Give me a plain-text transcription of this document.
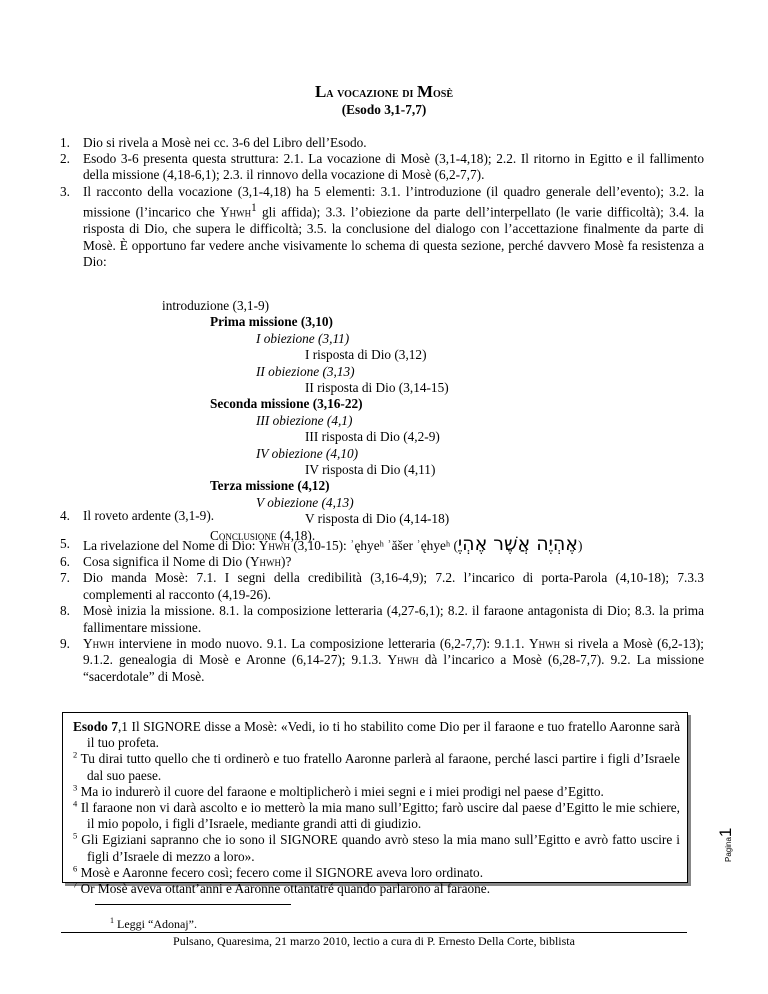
La vocazione di Mosè
(Esodo 3,1-7,7)
1. Dio si rivela a Mosè nei cc. 3-6 del Libro dell’Esodo.
2. Esodo 3-6 presenta questa struttura: 2.1. La vocazione di Mosè (3,1-4,18); 2.2. Il ritorno in Egitto e il fallimento della missione (4,18-6,1); 2.3. il rinnovo della vocazione di Mosè (6,2-7,7).
3. Il racconto della vocazione (3,1-4,18) ha 5 elementi: 3.1. l’introduzione (il quadro generale dell’evento); 3.2. la missione (l’incarico che Yhwh$^1$ gli affida); 3.3. l’obiezione da parte dell’interpellato (le varie difficoltà); 3.4. la risposta di Dio, che supera le difficoltà; 3.5. la conclusione del dialogo con l’accettazione finalmente da parte di Mosè. È opportuno far vedere anche visivamente lo schema di questa sezione, perché davvero Mosè fa resistenza a Dio:
introduzione (3,1-9)
Prima missione (3,10)
I obiezione (3,11)
I risposta di Dio (3,12)
II obiezione (3,13)
II risposta di Dio (3,14-15)
Seconda missione (3,16-22)
III obiezione (4,1)
III risposta di Dio (4,2-9)
IV obiezione (4,10)
IV risposta di Dio (4,11)
Terza missione (4,12)
V obiezione (4,13)
V risposta di Dio (4,14-18)
Conclusione (4,18).
4. Il roveto ardente (3,1-9).
5. La rivelazione del Nome di Dio: Yhwh (3,10-15): ʾęhyeʰ ʾăšer ʾęhyeʰ (אֶהְיֶה אֲשֶׁר אֶהְיֶ)
6. Cosa significa il Nome di Dio (Yhwh)?
7. Dio manda Mosè: 7.1. I segni della credibilità (3,16-4,9); 7.2. l’incarico di porta-Parola (4,10-18); 7.3.3 complementi al racconto (4,19-26).
8. Mosè inizia la missione. 8.1. la composizione letteraria (4,27-6,1); 8.2. il faraone antagonista di Dio; 8.3. la prima fallimentare missione.
9. Yhwh interviene in modo nuovo. 9.1. La composizione letteraria (6,2-7,7): 9.1.1. Yhwh si rivela a Mosè (6,2-13); 9.1.2. genealogia di Mosè e Aronne (6,14-27); 9.1.3. Yhwh dà l’incarico a Mosè (6,28-7,7). 9.2. La missione “sacerdotale” di Mosè.

Esodo 7,1 Il SIGNORE disse a Mosè: «Vedi, io ti ho stabilito come Dio per il faraone e tuo fratello Aaronne sarà il tuo profeta.

$^2$ Tu dirai tutto quello che ti ordinerò e tuo fratello Aaronne parlerà al faraone, perché lasci partire i figli d’Israele dal suo paese.

$^3$ Ma io indurerò il cuore del faraone e moltiplicherò i miei segni e i miei prodigi nel paese d’Egitto.

$^4$ Il faraone non vi darà ascolto e io metterò la mia mano sull’Egitto; farò uscire dal paese d’Egitto le mie schiere, il mio popolo, i figli d’Israele, mediante grandi atti di giudizio.

$^5$ Gli Egiziani sapranno che io sono il SIGNORE quando avrò steso la mia mano sull’Egitto e avrò fatto uscire i figli d’Israele di mezzo a loro».

$^6$ Mosè e Aaronne fecero così; fecero come il SIGNORE aveva loro ordinato.

$^7$ Or Mosè aveva ottant’anni e Aaronne ottantatré quando parlarono al faraone.

Pagina1
$^1$ Leggi “Adonaj”.
Pulsano, Quaresima, 21 marzo 2010, lectio a cura di P. Ernesto Della Corte, biblista
